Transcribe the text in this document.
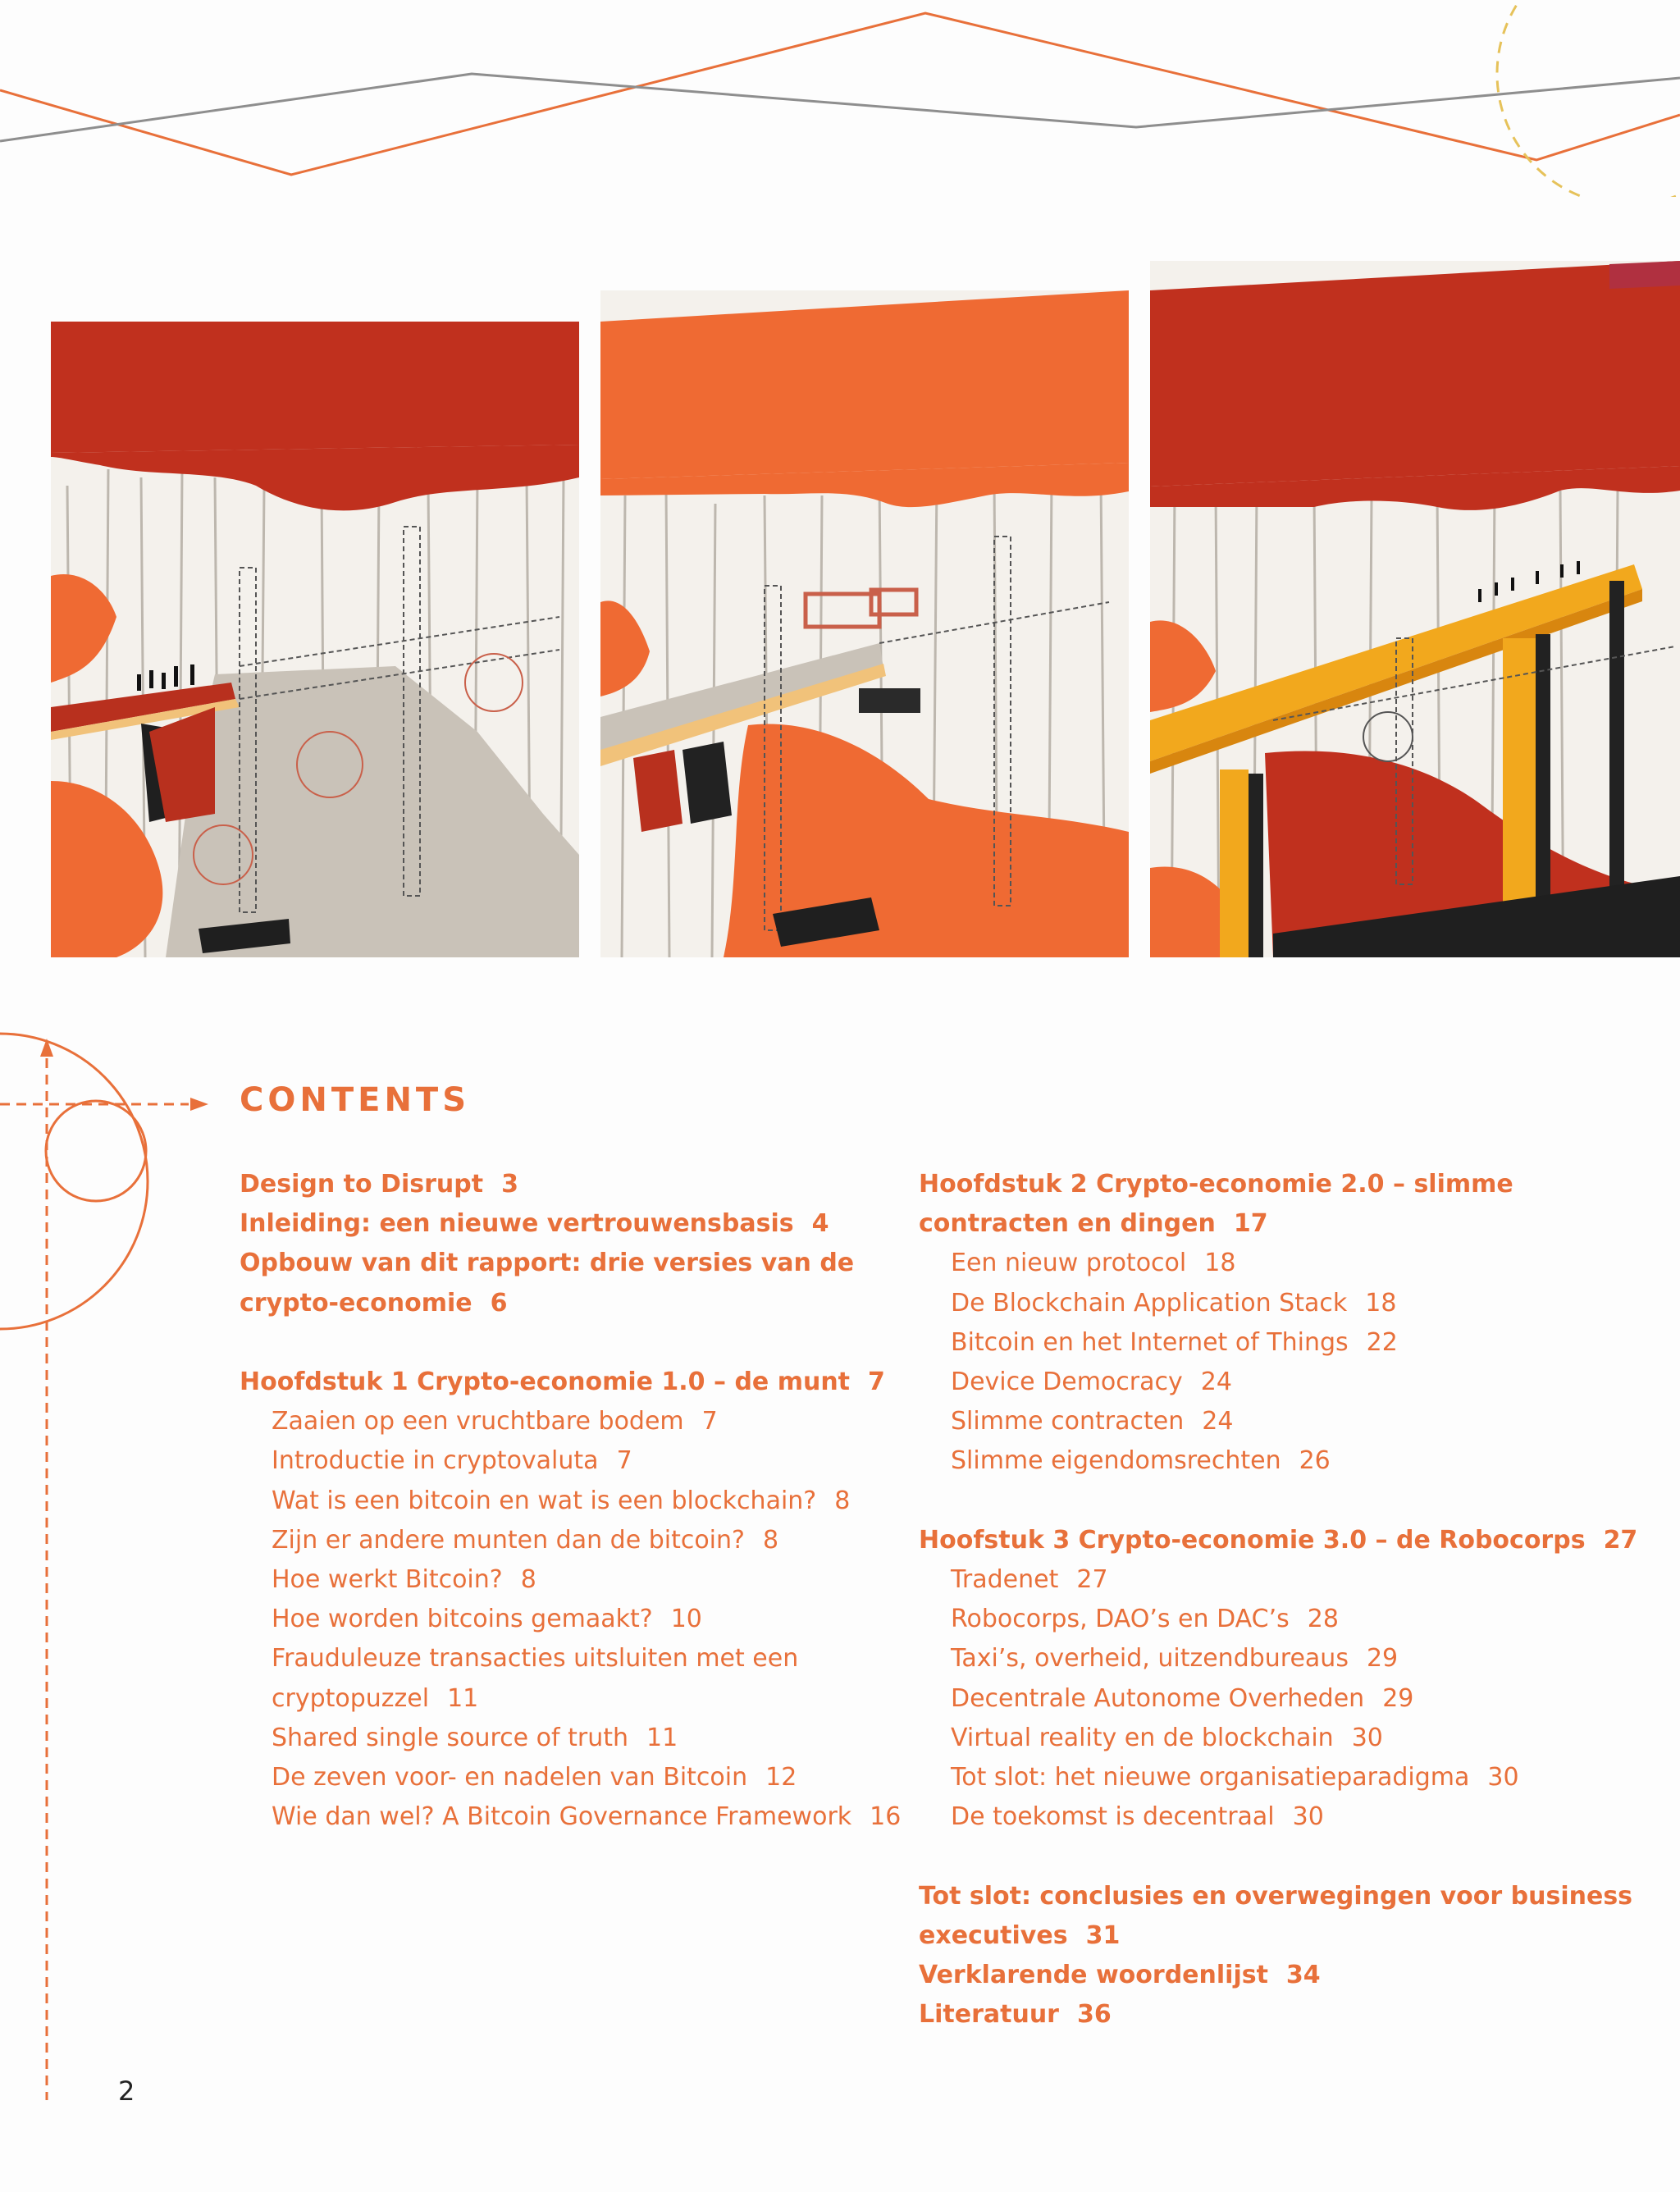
CONTENTS
Design to Disrupt 3
Inleiding: een nieuwe vertrouwensbasis 4
Opbouw van dit rapport: drie versies van de
crypto-economie 6
Hoofdstuk 1 Crypto-economie 1.0 – de munt 7
Zaaien op een vruchtbare bodem 7
Introductie in cryptovaluta 7
Wat is een bitcoin en wat is een blockchain? 8
Zijn er andere munten dan de bitcoin? 8
Hoe werkt Bitcoin? 8
Hoe worden bitcoins gemaakt? 10
Frauduleuze transacties uitsluiten met een
cryptopuzzel 11
Shared single source of truth 11
De zeven voor- en nadelen van Bitcoin 12
Wie dan wel? A Bitcoin Governance Framework 16
Hoofdstuk 2 Crypto-economie 2.0 – slimme
contracten en dingen 17
Een nieuw protocol 18
De Blockchain Application Stack 18
Bitcoin en het Internet of Things 22
Device Democracy 24
Slimme contracten 24
Slimme eigendomsrechten 26
Hoofstuk 3 Crypto-economie 3.0 – de Robocorps 27
Tradenet 27
Robocorps, DAO’s en DAC’s 28
Taxi’s, overheid, uitzendbureaus 29
Decentrale Autonome Overheden 29
Virtual reality en de blockchain 30
Tot slot: het nieuwe organisatieparadigma 30
De toekomst is decentraal 30
Tot slot: conclusies en overwegingen voor business
executives 31
Verklarende woordenlijst 34
Literatuur 36
2
